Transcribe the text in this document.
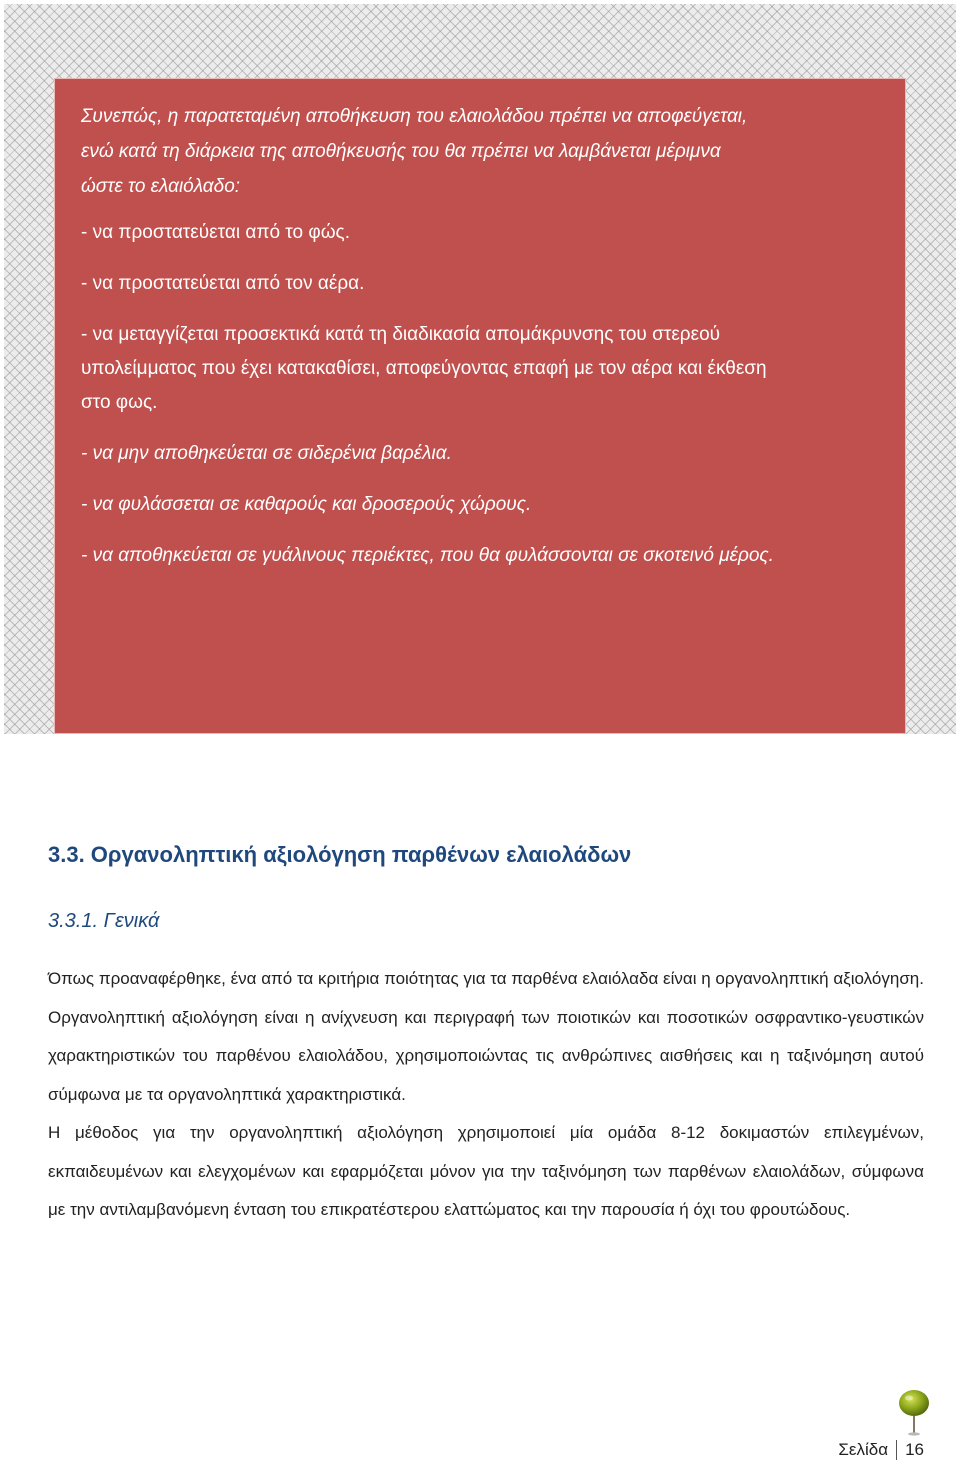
Συνεπώς, η παρατεταμένη αποθήκευση του ελαιολάδου πρέπει να αποφεύγεται,
ενώ κατά τη διάρκεια της αποθήκευσής του θα πρέπει να λαμβάνεται μέριμνα
ώστε το ελαιόλαδο:
- να προστατεύεται από το φώς.
- να προστατεύεται από τον αέρα.
- να μεταγγίζεται προσεκτικά κατά τη διαδικασία απομάκρυνσης του στερεού
υπολείμματος που έχει κατακαθίσει, αποφεύγοντας επαφή με τον αέρα και έκθεση
στο φως.
- να μην αποθηκεύεται σε σιδερένια βαρέλια.
- να φυλάσσεται σε καθαρούς και δροσερούς χώρους.
- να αποθηκεύεται σε γυάλινους περιέκτες, που θα φυλάσσονται σε σκοτεινό μέρος.
3.3. Οργανοληπτική αξιολόγηση παρθένων ελαιολάδων
3.3.1. Γενικά

Όπως προαναφέρθηκε, ένα από τα κριτήρια ποιότητας για τα παρθένα ελαιόλαδα είναι η οργανοληπτική αξιολόγηση. Οργανοληπτική αξιολόγηση είναι η ανίχνευση και περιγραφή των ποιοτικών και ποσοτικών οσφραντικο-γευστικών χαρακτηριστικών του παρθένου ελαιολάδου, χρησιμοποιώντας τις ανθρώπινες αισθήσεις και η ταξινόμηση αυτού σύμφωνα με τα οργανοληπτικά χαρακτηριστικά.

Η μέθοδος για την οργανοληπτική αξιολόγηση χρησιμοποιεί μία ομάδα 8-12 δοκιμαστών επιλεγμένων, εκπαιδευμένων και ελεγχομένων και εφαρμόζεται μόνον για την ταξινόμηση των παρθένων ελαιολάδων, σύμφωνα με την αντιλαμβανόμενη ένταση του επικρατέστερου ελαττώματος και την παρουσία ή όχι του φρουτώδους.

Σελίδα 16
